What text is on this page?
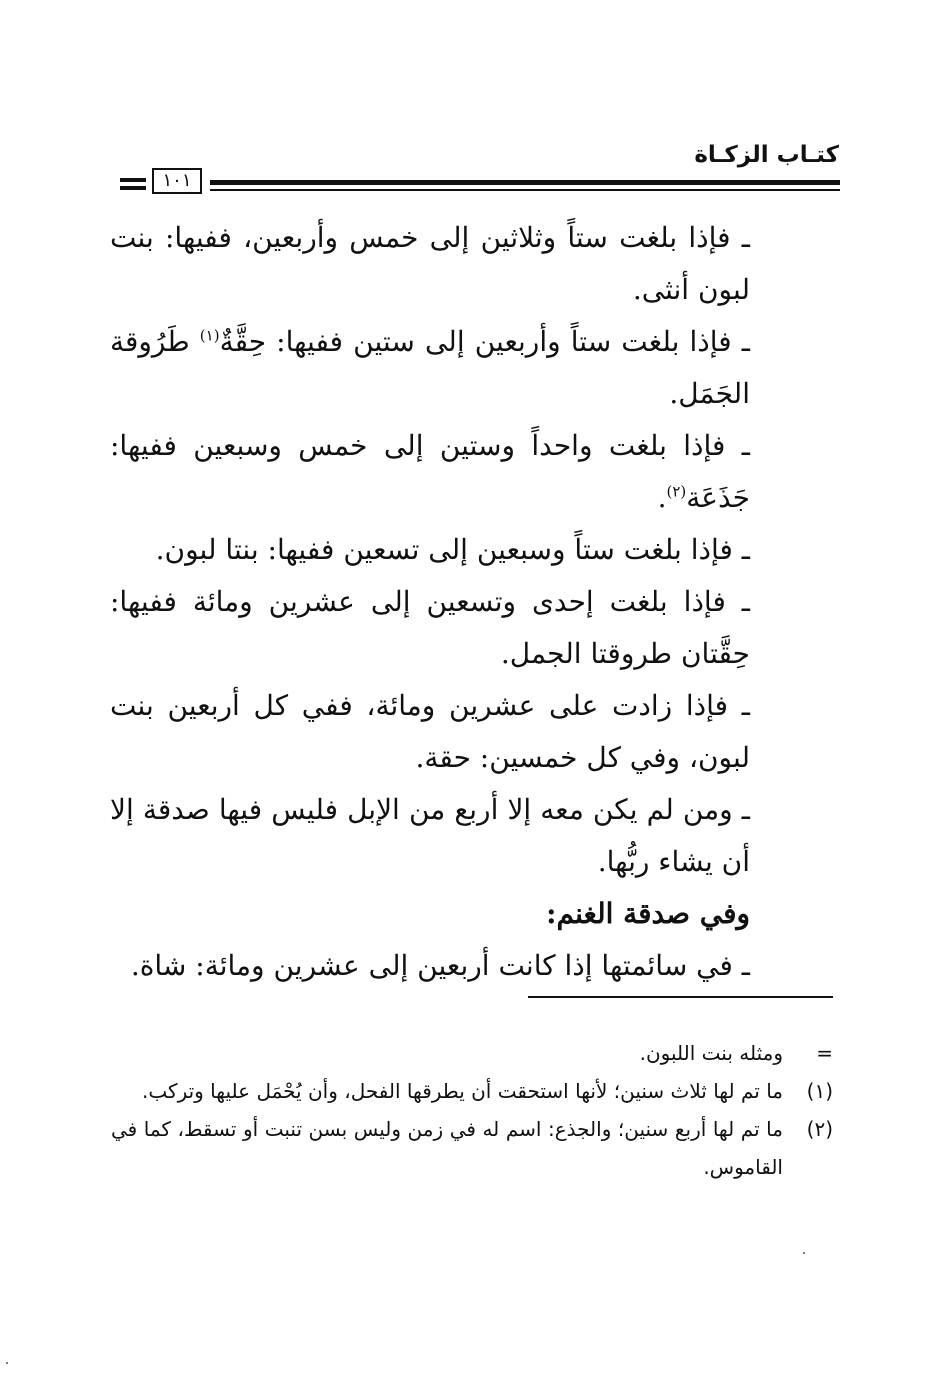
كتـاب الزكـاة
١٠١

ـ فإذا بلغت ستاً وثلاثين إلى خمس وأربعين، ففيها: بنت لبون أنثى.

ـ فإذا بلغت ستاً وأربعين إلى ستين ففيها: حِقَّةٌ$^{(١)}$ طَرُوقة الجَمَل.

ـ فإذا بلغت واحداً وستين إلى خمس وسبعين ففيها: جَذَعَة$^{(٢)}$.

ـ فإذا بلغت ستاً وسبعين إلى تسعين ففيها: بنتا لبون.

ـ فإذا بلغت إحدى وتسعين إلى عشرين ومائة ففيها: حِقَّتان طروقتا الجمل.

ـ فإذا زادت على عشرين ومائة، ففي كل أربعين بنت لبون، وفي كل خمسين: حقة.

ـ ومن لم يكن معه إلا أربع من الإبل فليس فيها صدقة إلا أن يشاء ربُّها.

وفي صدقة الغنم:

ـ في سائمتها إذا كانت أربعين إلى عشرين ومائة: شاة.

=
ومثله بنت اللبون.
(١)
ما تم لها ثلاث سنين؛ لأنها استحقت أن يطرقها الفحل، وأن يُحْمَل عليها وتركب.
(٢)
ما تم لها أربع سنين؛ والجذع: اسم له في زمن وليس بسن تنبت أو تسقط، كما في القاموس.
